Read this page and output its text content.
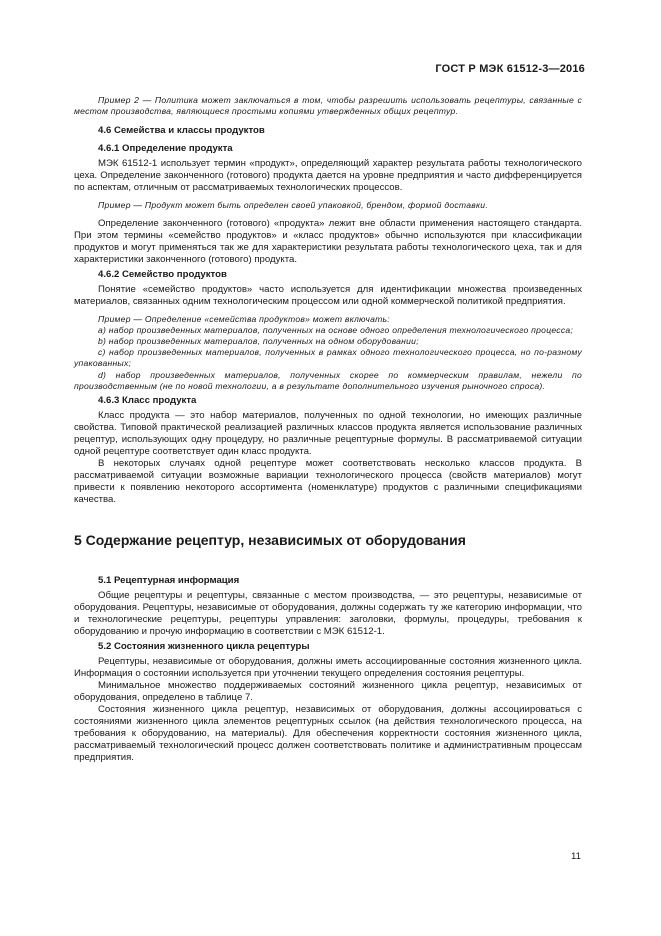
ГОСТ Р МЭК 61512-3—2016

Пример 2 — Политика может заключаться в том, чтобы разрешить использовать рецептуры, связанные с местом производства, являющиеся простыми копиями утвержденных общих рецептур.

4.6 Семейства и классы продуктов

4.6.1 Определение продукта

МЭК 61512-1 использует термин «продукт», определяющий характер результата работы технологического цеха. Определение законченного (готового) продукта дается на уровне предприятия и часто дифференцируется по аспектам, отличным от рассматриваемых технологических процессов.

Пример — Продукт может быть определен своей упаковкой, брендом, формой доставки.

Определение законченного (готового) «продукта» лежит вне области применения настоящего стандарта. При этом термины «семейство продуктов» и «класс продуктов» обычно используются при классификации продуктов и могут применяться так же для характеристики результата работы технологического цеха, так и для характеристики законченного (готового) продукта.

4.6.2 Семейство продуктов

Понятие «семейство продуктов» часто используется для идентификации множества произведенных материалов, связанных одним технологическим процессом или одной коммерческой политикой предприятия.

Пример — Определение «семейства продуктов» может включать:

a) набор произведенных материалов, полученных на основе одного определения технологического процесса;

b) набор произведенных материалов, полученных на одном оборудовании;

c) набор произведенных материалов, полученных в рамках одного технологического процесса, но по-разному упакованных;

d) набор произведенных материалов, полученных скорее по коммерческим правилам, нежели по производственным (не по новой технологии, а в результате дополнительного изучения рыночного спроса).

4.6.3 Класс продукта

Класс продукта — это набор материалов, полученных по одной технологии, но имеющих различные свойства. Типовой практической реализацией различных классов продукта является использование различных рецептур, использующих одну процедуру, но различные рецептурные формулы. В рассматриваемой ситуации одной рецептуре соответствует один класс продукта.

В некоторых случаях одной рецептуре может соответствовать несколько классов продукта. В рассматриваемой ситуации возможные вариации технологического процесса (свойств материалов) могут привести к появлению некоторого ассортимента (номенклатуре) продуктов с различными спецификациями качества.

5 Содержание рецептур, независимых от оборудования

5.1 Рецептурная информация

Общие рецептуры и рецептуры, связанные с местом производства, — это рецептуры, независимые от оборудования. Рецептуры, независимые от оборудования, должны содержать ту же категорию информации, что и технологические рецептуры, рецептуры управления: заголовки, формулы, процедуры, требования к оборудованию и прочую информацию в соответствии с МЭК 61512-1.

5.2 Состояния жизненного цикла рецептуры

Рецептуры, независимые от оборудования, должны иметь ассоциированные состояния жизненного цикла. Информация о состоянии используется при уточнении текущего определения состояния рецептуры.

Минимальное множество поддерживаемых состояний жизненного цикла рецептур, независимых от оборудования, определено в таблице 7.

Состояния жизненного цикла рецептур, независимых от оборудования, должны ассоциироваться с состояниями жизненного цикла элементов рецептурных ссылок (на действия технологического процесса, на требования к оборудованию, на материалы). Для обеспечения корректности состояния жизненного цикла, рассматриваемый технологический процесс должен соответствовать политике и административным процессам предприятия.

11
